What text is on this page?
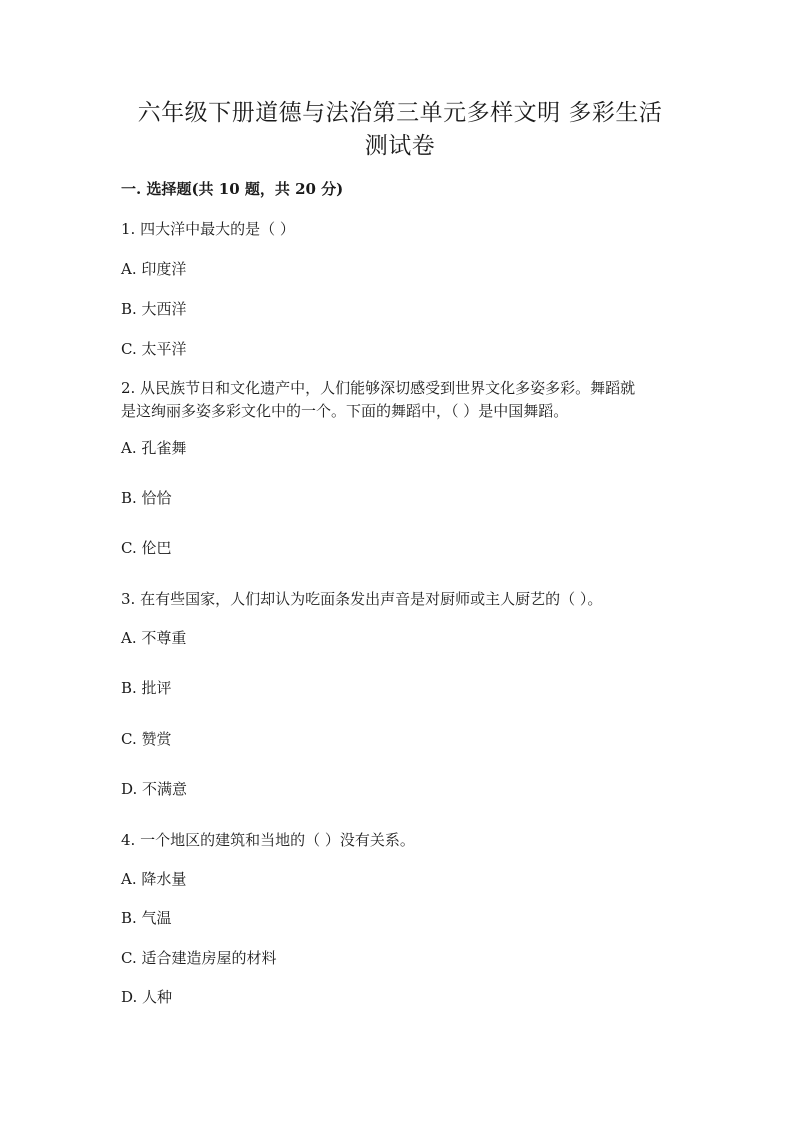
六年级下册道德与法治第三单元多样文明 多彩生活
测试卷
一. 选择题(共 10 题，共 20 分)
1. 四大洋中最大的是（ ）
A. 印度洋
B. 大西洋
C. 太平洋
2. 从民族节日和文化遗产中，人们能够深切感受到世界文化多姿多彩。舞蹈就
是这绚丽多姿多彩文化中的一个。下面的舞蹈中，（ ）是中国舞蹈。
A. 孔雀舞
B. 恰恰
C. 伦巴
3. 在有些国家，人们却认为吃面条发出声音是对厨师或主人厨艺的（ ）。
A. 不尊重
B. 批评
C. 赞赏
D. 不满意
4. 一个地区的建筑和当地的（ ）没有关系。
A. 降水量
B. 气温
C. 适合建造房屋的材料
D. 人种
